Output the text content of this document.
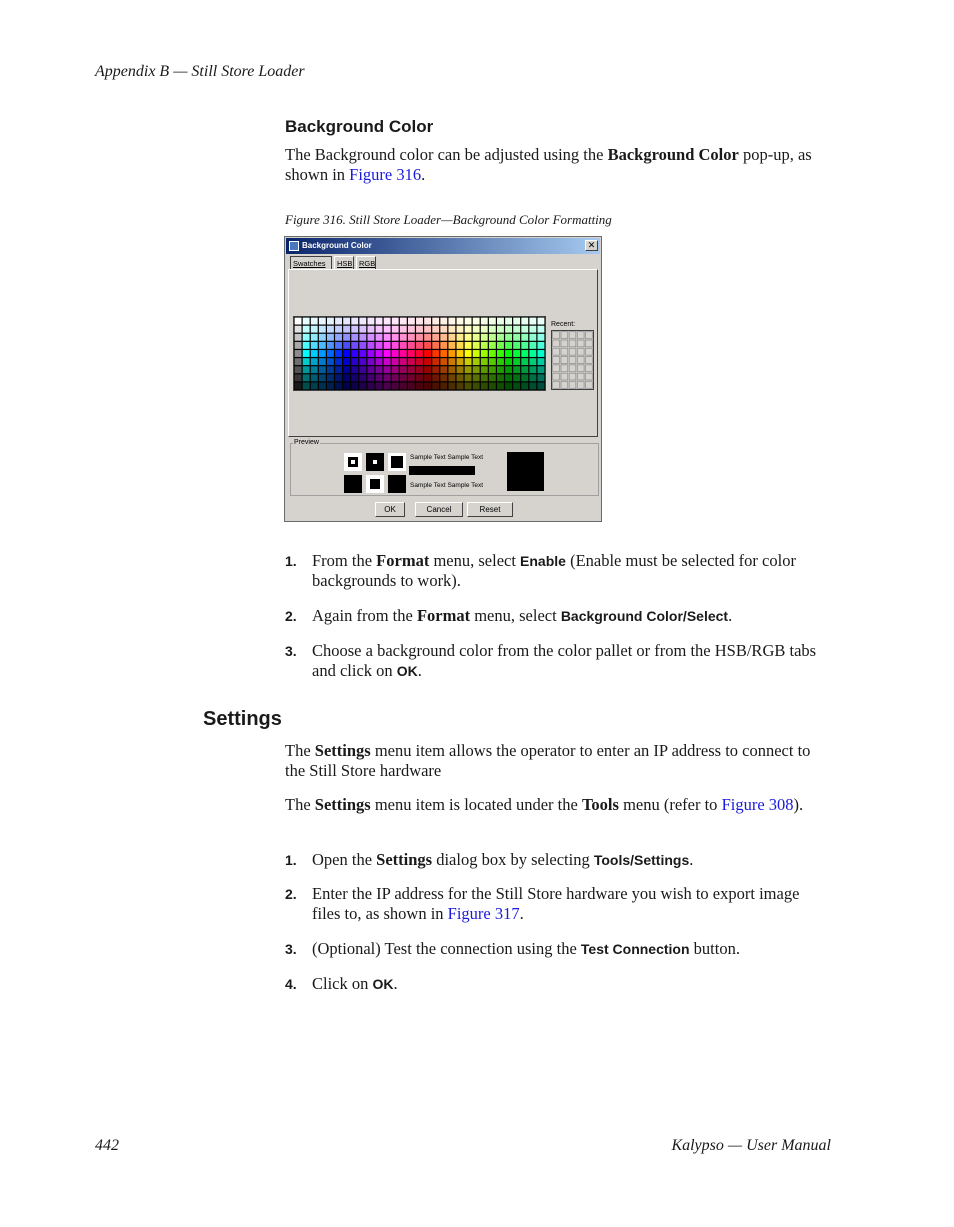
Appendix B — Still Store Loader
Background Color
The Background color can be adjusted using the Background Color pop-up, as shown in Figure 316.
Figure 316. Still Store Loader—Background Color Formatting
Background Color	✕
Swatches	HSB RGB
Recent:
Preview
Sample Text Sample Text
Sample Text Sample Text
OK	Cancel	Reset
1. From the Format menu, select Enable (Enable must be selected for color backgrounds to work).
2. Again from the Format menu, select Background Color/Select.
3. Choose a background color from the color pallet or from the HSB/RGB tabs and click on OK.
Settings
The Settings menu item allows the operator to enter an IP address to connect to the Still Store hardware
The Settings menu item is located under the Tools menu (refer to Figure 308).
1. Open the Settings dialog box by selecting Tools/Settings.
2. Enter the IP address for the Still Store hardware you wish to export image files to, as shown in Figure 317.
3. (Optional) Test the connection using the Test Connection button.
4. Click on OK.
442	Kalypso — User Manual
